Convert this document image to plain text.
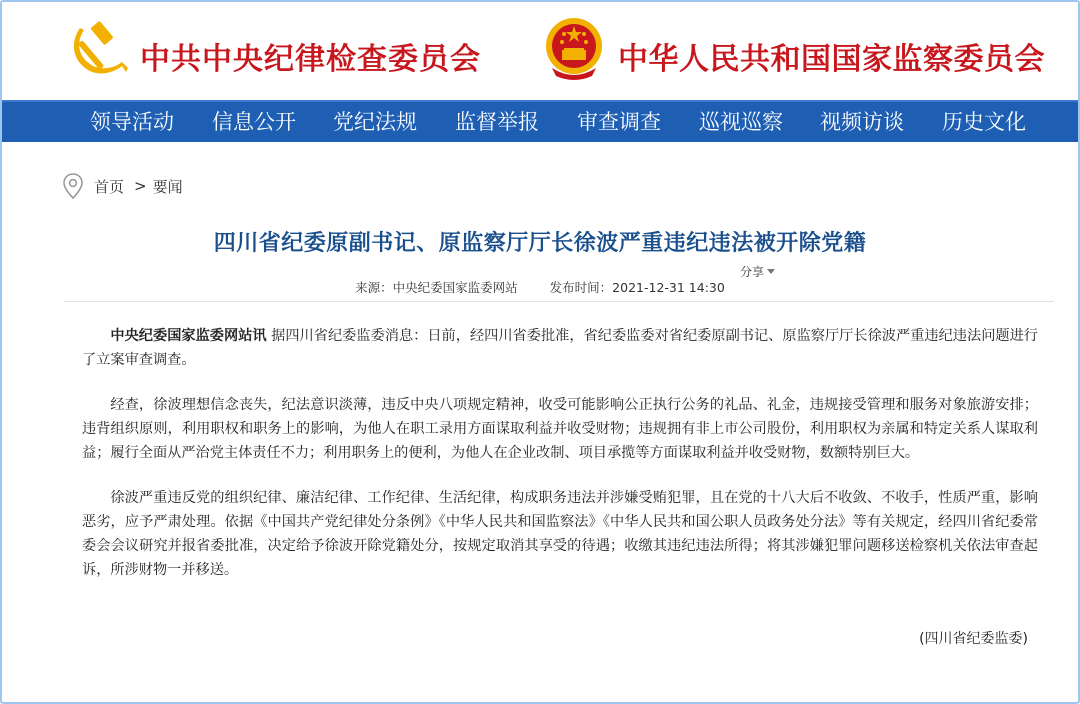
中共中央纪律检查委员会	中华人民共和国国家监察委员会
领导活动 信息公开 党纪法规 监督举报 审查调查 巡视巡察 视频访谈 历史文化
首页 > 要闻
四川省纪委原副书记、原监察厅厅长徐波严重违纪违法被开除党籍
分享
来源：中央纪委国家监委网站	发布时间：2021-12-31 14:30

中央纪委国家监委网站讯 据四川省纪委监委消息：日前，经四川省委批准，省纪委监委对省纪委原副书记、原监察厅厅长徐波严重违纪违法问题进行了立案审查调查。

经查，徐波理想信念丧失，纪法意识淡薄，违反中央八项规定精神，收受可能影响公正执行公务的礼品、礼金，违规接受管理和服务对象旅游安排；违背组织原则，利用职权和职务上的影响，为他人在职工录用方面谋取利益并收受财物；违规拥有非上市公司股份，利用职权为亲属和特定关系人谋取利益；履行全面从严治党主体责任不力；利用职务上的便利，为他人在企业改制、项目承揽等方面谋取利益并收受财物，数额特别巨大。

徐波严重违反党的组织纪律、廉洁纪律、工作纪律、生活纪律，构成职务违法并涉嫌受贿犯罪，且在党的十八大后不收敛、不收手，性质严重，影响恶劣，应予严肃处理。依据《中国共产党纪律处分条例》《中华人民共和国监察法》《中华人民共和国公职人员政务处分法》等有关规定，经四川省纪委常委会会议研究并报省委批准，决定给予徐波开除党籍处分，按规定取消其享受的待遇；收缴其违纪违法所得；将其涉嫌犯罪问题移送检察机关依法审查起诉，所涉财物一并移送。

(四川省纪委监委)
